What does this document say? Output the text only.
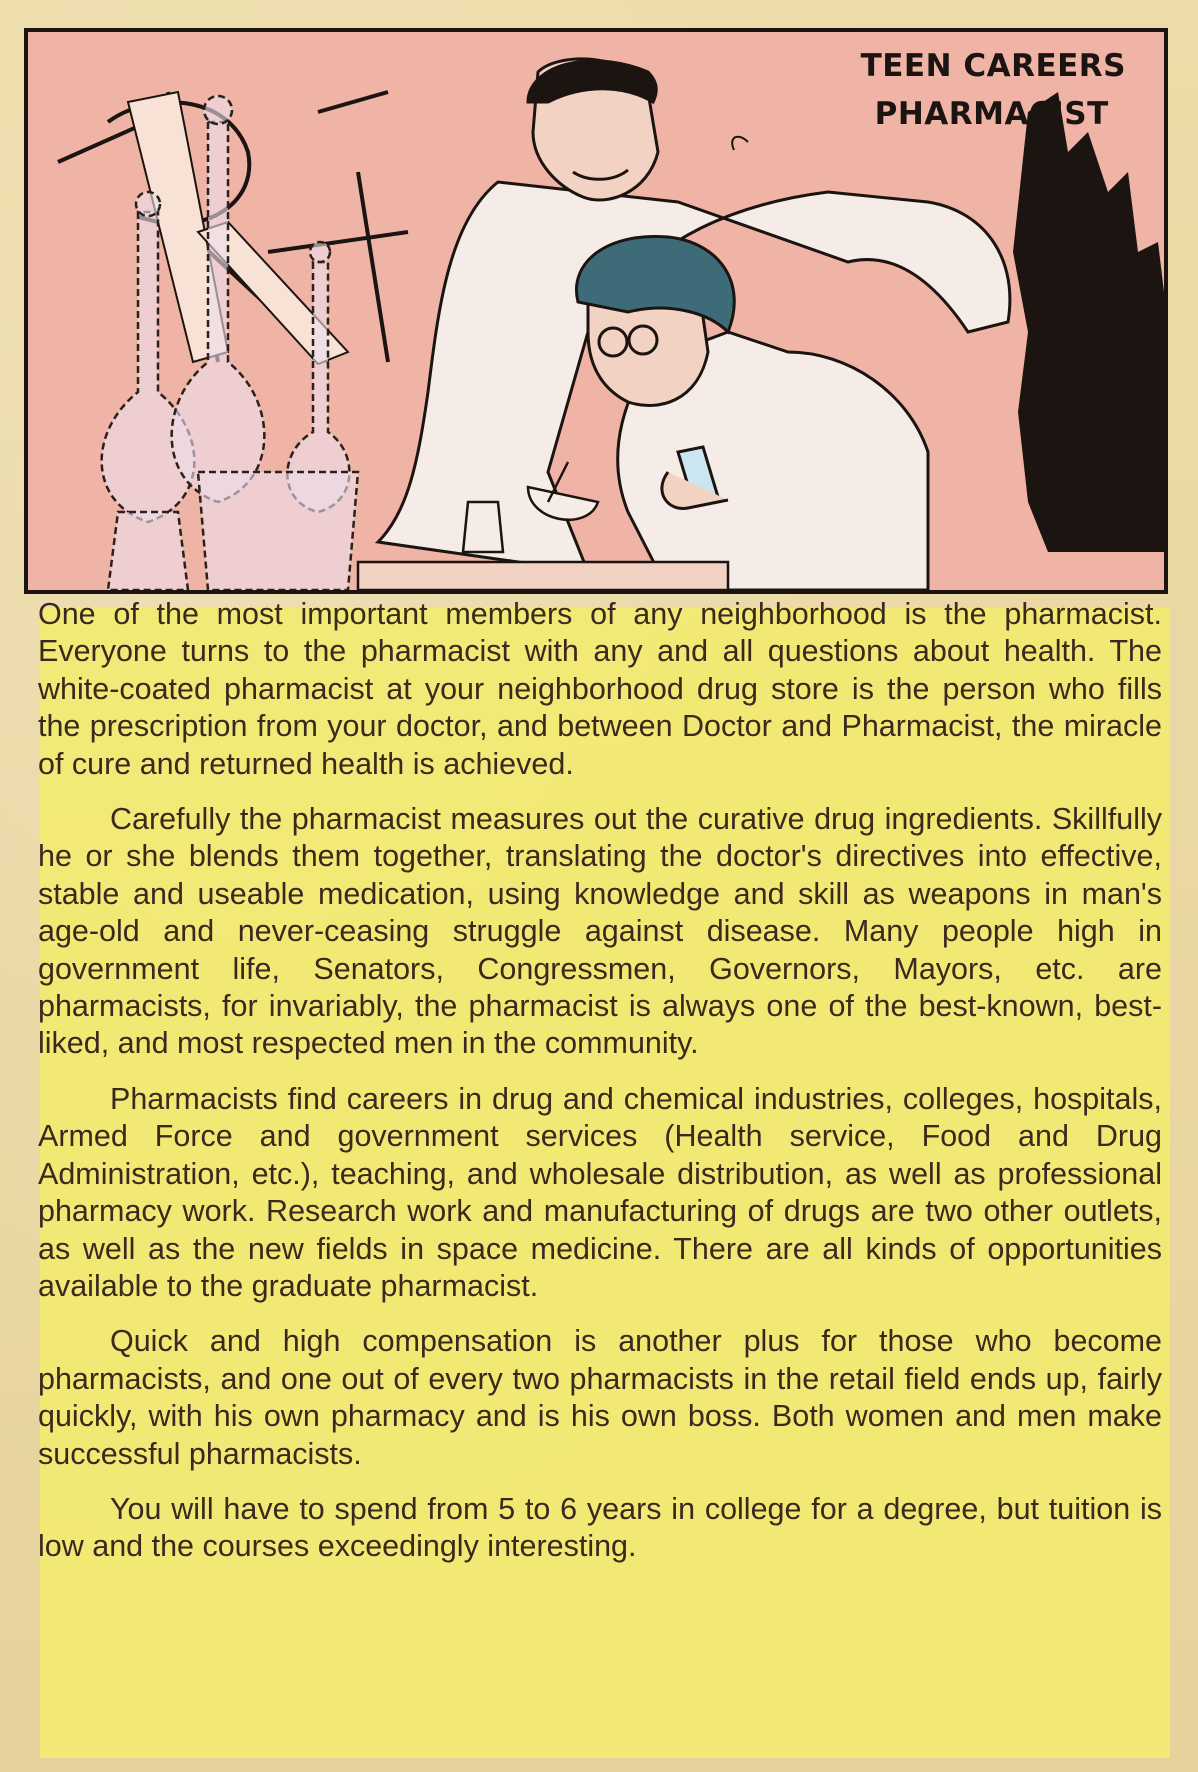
TEEN CAREERS
PHARMACIST

One of the most important members of any neighborhood is the pharmacist. Everyone turns to the pharmacist with any and all questions about health. The white-coated pharmacist at your neighborhood drug store is the person who fills the prescription from your doctor, and between Doctor and Pharmacist, the miracle of cure and returned health is achieved.

Carefully the pharmacist measures out the curative drug ingredients. Skillfully he or she blends them together, translating the doctor's directives into effective, stable and useable medication, using knowledge and skill as weapons in man's age-old and never-ceasing struggle against disease. Many people high in government life, Senators, Congressmen, Governors, Mayors, etc. are pharmacists, for invariably, the pharmacist is always one of the best-known, best-liked, and most respected men in the community.

Pharmacists find careers in drug and chemical industries, colleges, hospitals, Armed Force and government services (Health service, Food and Drug Administration, etc.), teaching, and wholesale distribution, as well as professional pharmacy work. Research work and manufacturing of drugs are two other outlets, as well as the new fields in space medicine. There are all kinds of opportunities available to the graduate pharmacist.

Quick and high compensation is another plus for those who become pharmacists, and one out of every two pharmacists in the retail field ends up, fairly quickly, with his own pharmacy and is his own boss. Both women and men make successful pharmacists.

You will have to spend from 5 to 6 years in college for a degree, but tuition is low and the courses exceedingly interesting.
